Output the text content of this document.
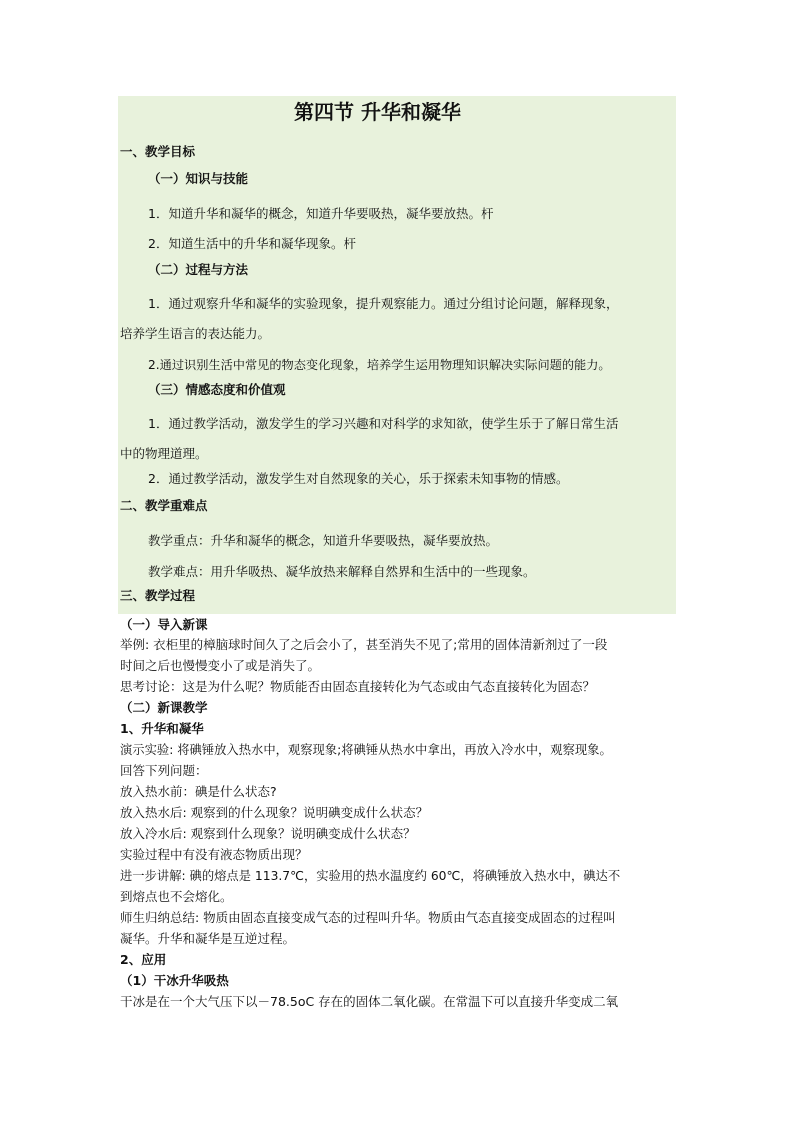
第四节 升华和凝华
一、教学目标
（一）知识与技能
1．知道升华和凝华的概念，知道升华要吸热，凝华要放热。杆
2．知道生活中的升华和凝华现象。杆
（二）过程与方法
1．通过观察升华和凝华的实验现象，提升观察能力。通过分组讨论问题，解释现象，
培养学生语言的表达能力。
2.通过识别生活中常见的物态变化现象，培养学生运用物理知识解决实际问题的能力。
（三）情感态度和价值观
1．通过教学活动，激发学生的学习兴趣和对科学的求知欲，使学生乐于了解日常生活
中的物理道理。
2．通过教学活动，激发学生对自然现象的关心，乐于探索未知事物的情感。
二、教学重难点
教学重点：升华和凝华的概念，知道升华要吸热，凝华要放热。
教学难点：用升华吸热、凝华放热来解释自然界和生活中的一些现象。
三、教学过程
（一）导入新课
举例: 衣柜里的樟脑球时间久了之后会小了，甚至消失不见了;常用的固体清新剂过了一段
时间之后也慢慢变小了或是消失了。
思考讨论：这是为什么呢？物质能否由固态直接转化为气态或由气态直接转化为固态？
（二）新课教学
1、升华和凝华
演示实验: 将碘锤放入热水中，观察现象;将碘锤从热水中拿出，再放入冷水中，观察现象。
回答下列问题：
放入热水前：碘是什么状态?
放入热水后: 观察到的什么现象？说明碘变成什么状态？
放入冷水后: 观察到什么现象？说明碘变成什么状态？
实验过程中有没有液态物质出现？
进一步讲解: 碘的熔点是 113.7℃，实验用的热水温度约 60℃，将碘锤放入热水中，碘达不
到熔点也不会熔化。
师生归纳总结: 物质由固态直接变成气态的过程叫升华。物质由气态直接变成固态的过程叫
凝华。升华和凝华是互逆过程。
2、应用
（1）干冰升华吸热
干冰是在一个大气压下以－78.5oC 存在的固体二氧化碳。在常温下可以直接升华变成二氧
